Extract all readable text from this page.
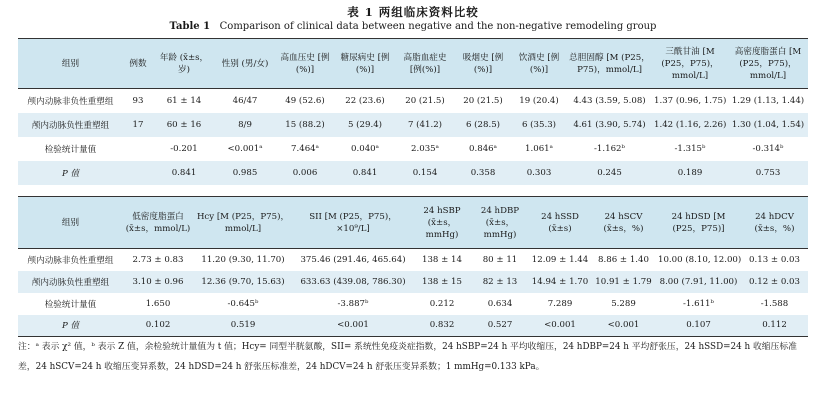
表 1 两组临床资料比较
Table 1 Comparison of clinical data between negative and the non-negative remodeling group
组别	例数	年龄 (x̄±s，岁)	性别 (男/女)	高血压史 [例(%)]	糖尿病史 [例(%)]	高脂血症史 [例(%)]	吸烟史 [例(%)]	饮酒史 [例(%)]	总胆固醇 [M (P25，P75)，mmol/L]	三酰甘油 [M (P25，P75)，mmol/L]	高密度脂蛋白 [M (P25，P75)，mmol/L]
颅内动脉非负性重塑组	93	61 ± 14	46/47	49 (52.6)	22 (23.6)	20 (21.5)	20 (21.5)	19 (20.4)	4.43 (3.59, 5.08)	1.37 (0.96, 1.75)	1.29 (1.13, 1.44)
颅内动脉负性重塑组	17	60 ± 16	8/9	15 (88.2)	5 (29.4)	7 (41.2)	6 (28.5)	6 (35.3)	4.61 (3.90, 5.74)	1.42 (1.16, 2.26)	1.30 (1.04, 1.54)
检验统计量值		-0.201	<0.001ᵃ	7.464ᵃ	0.040ᵃ	2.035ᵃ	0.846ᵃ	1.061ᵃ	-1.162ᵇ	-1.315ᵇ	-0.314ᵇ
P 值		0.841	0.985	0.006	0.841	0.154	0.358	0.303	0.245	0.189	0.753
组别	低密度脂蛋白 (x̄±s，mmol/L)	Hcy [M (P25，P75)，mmol/L]	SII [M (P25，P75)，×10⁹/L]	24 hSBP (x̄±s，mmHg)	24 hDBP (x̄±s，mmHg)	24 hSSD (x̄±s)	24 hSCV (x̄±s，%)	24 hDSD [M (P25，P75)]	24 hDCV (x̄±s，%)
颅内动脉非负性重塑组	2.73 ± 0.83	11.20 (9.30, 11.70)	375.46 (291.46, 465.64)	138 ± 14	80 ± 11	12.09 ± 1.44	8.86 ± 1.40	10.00 (8.10, 12.00)	0.13 ± 0.03
颅内动脉负性重塑组	3.10 ± 0.96	12.36 (9.70, 15.63)	633.63 (439.08, 786.30)	138 ± 15	82 ± 13	14.94 ± 1.70	10.91 ± 1.79	8.00 (7.91, 11.00)	0.12 ± 0.03
检验统计量值	1.650	-0.645ᵇ	-3.887ᵇ	0.212	0.634	7.289	5.289	-1.611ᵇ	-1.588
P 值	0.102	0.519	<0.001	0.832	0.527	<0.001	<0.001	0.107	0.112
注：ᵃ 表示 χ² 值，ᵇ 表示 Z 值，余检验统计量值为 t 值；Hcy= 同型半胱氨酸，SII= 系统性免疫炎症指数，24 hSBP=24 h 平均收缩压，24 hDBP=24 h 平均舒张压，24 hSSD=24 h 收缩压标准差，24 hSCV=24 h 收缩压变异系数，24 hDSD=24 h 舒张压标准差，24 hDCV=24 h 舒张压变异系数；1 mmHg=0.133 kPa。
